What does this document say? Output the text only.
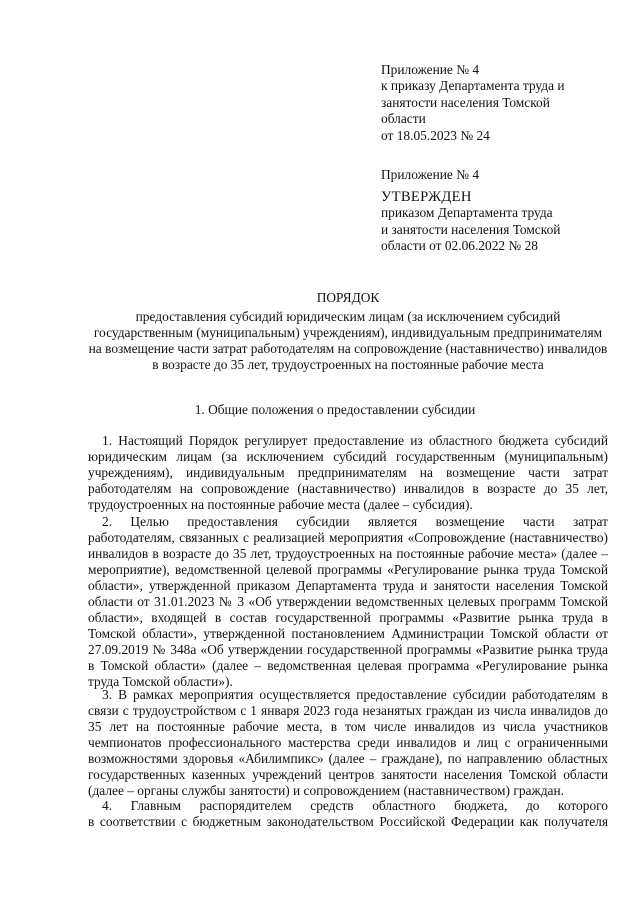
Приложение № 4
к приказу Департамента труда и
занятости населения Томской
области
от 18.05.2023 № 24
Приложение № 4
УТВЕРЖДЕН
приказом Департамента труда
и занятости населения Томской
области от 02.06.2022 № 28
ПОРЯДОК
предоставления субсидий юридическим лицам (за исключением субсидий
государственным (муниципальным) учреждениям), индивидуальным предпринимателям
на возмещение части затрат работодателям на сопровождение (наставничество) инвалидов
в возрасте до 35 лет, трудоустроенных на постоянные рабочие места
1. Общие положения о предоставлении субсидии
1. Настоящий Порядок регулирует предоставление из областного бюджета субсидий
юридическим лицам (за исключением субсидий государственным (муниципальным)
учреждениям), индивидуальным предпринимателям на возмещение части затрат
работодателям на сопровождение (наставничество) инвалидов в возрасте до 35 лет,
трудоустроенных на постоянные рабочие места (далее – субсидия).
2. Целью предоставления субсидии является возмещение части затрат
работодателям, связанных с реализацией мероприятия «Сопровождение (наставничество)
инвалидов в возрасте до 35 лет, трудоустроенных на постоянные рабочие места» (далее –
мероприятие), ведомственной целевой программы «Регулирование рынка труда Томской
области», утвержденной приказом Департамента труда и занятости населения Томской
области от 31.01.2023 № 3 «Об утверждении ведомственных целевых программ Томской
области», входящей в состав государственной программы «Развитие рынка труда в
Томской области», утвержденной постановлением Администрации Томской области от
27.09.2019 № 348а «Об утверждении государственной программы «Развитие рынка труда
в Томской области» (далее – ведомственная целевая программа «Регулирование рынка
труда Томской области»).
3. В рамках мероприятия осуществляется предоставление субсидии работодателям в
связи с трудоустройством с 1 января 2023 года незанятых граждан из числа инвалидов до
35 лет на постоянные рабочие места, в том числе инвалидов из числа участников
чемпионатов профессионального мастерства среди инвалидов и лиц с ограниченными
возможностями здоровья «Абилимпикс» (далее – граждане), по направлению областных
государственных казенных учреждений центров занятости населения Томской области
(далее – органы службы занятости) и сопровождением (наставничеством) граждан.
4. Главным распорядителем средств областного бюджета, до которого
в соответствии с бюджетным законодательством Российской Федерации как получателя
